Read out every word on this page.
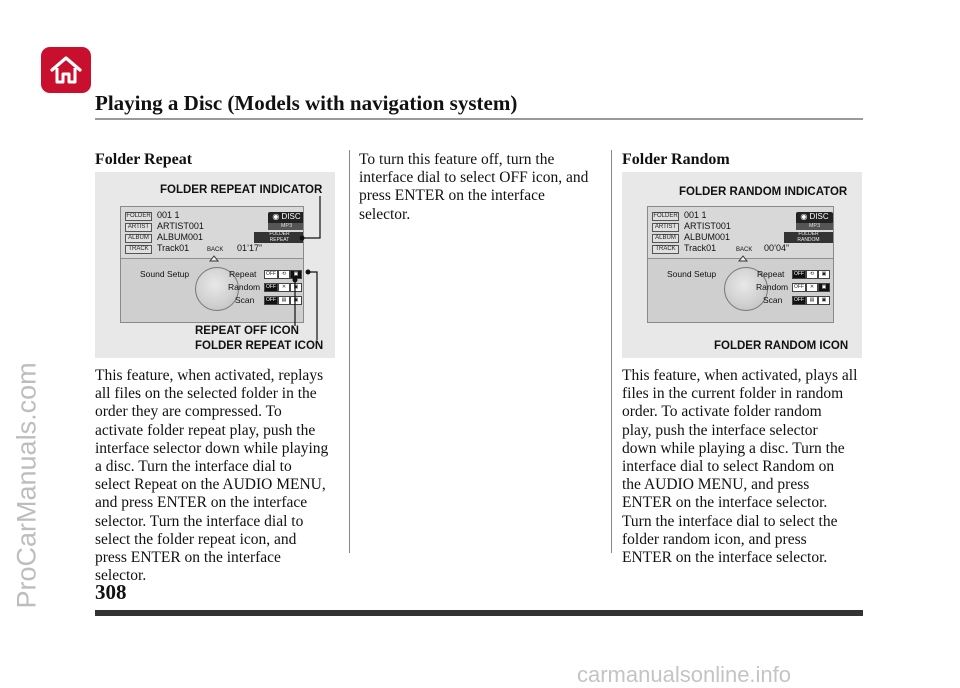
Playing a Disc (Models with navigation system)
Folder Repeat
FOLDER REPEAT INDICATOR
FOLDER 001 1
ARTIST ARTIST001
ALBUM ALBUM001
TRACK Track01	01’17”
◉ DISC
MP3
FOLDER
REPEAT
BACK
Sound Setup	Repeat
Random
Scan
OFF	⟲	▣
OFF	✕	▣
OFF	▤	▣
REPEAT OFF ICON
FOLDER REPEAT ICON
This feature, when activated, replays
all files on the selected folder in the
order they are compressed. To
activate folder repeat play, push the
interface selector down while playing
a disc. Turn the interface dial to
select Repeat on the AUDIO MENU,
and press ENTER on the interface
selector. Turn the interface dial to
select the folder repeat icon, and
press ENTER on the interface
selector.
To turn this feature off, turn the
interface dial to select OFF icon, and
press ENTER on the interface
selector.
Folder Random
FOLDER RANDOM INDICATOR
FOLDER 001 1
ARTIST ARTIST001
ALBUM ALBUM001
TRACK Track01	00’04”
◉ DISC
MP3
FOLDER
RANDOM
BACK
Sound Setup	Repeat
Random
Scan
OFF	⟲	▣
OFF	✕	▣
OFF	▤	▣
FOLDER RANDOM ICON
This feature, when activated, plays all
files in the current folder in random
order. To activate folder random
play, push the interface selector
down while playing a disc. Turn the
interface dial to select Random on
the AUDIO MENU, and press
ENTER on the interface selector.
Turn the interface dial to select the
folder random icon, and press
ENTER on the interface selector.
308
ProCarManuals.com
carmanualsonline.info
